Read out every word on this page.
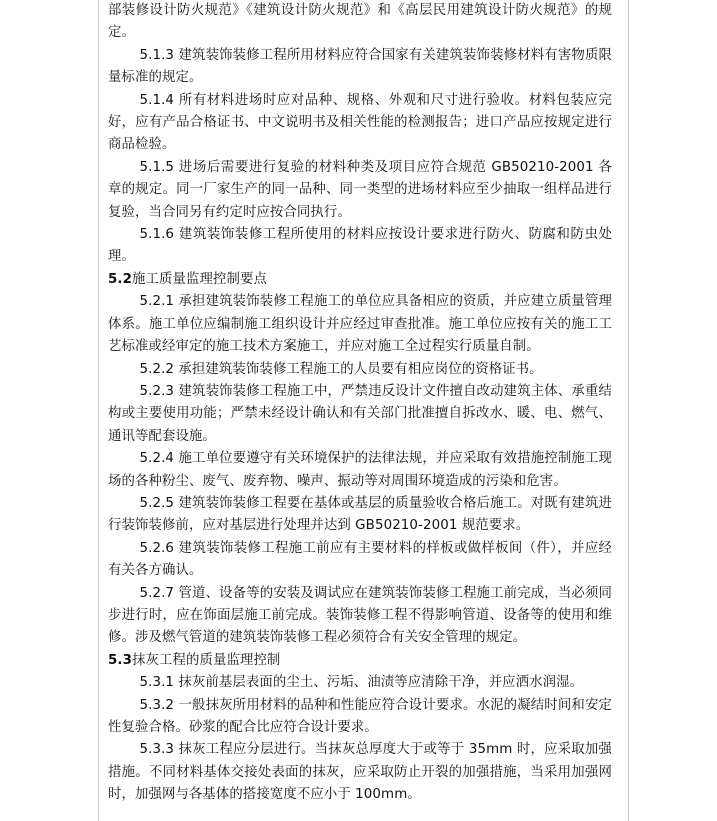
部装修设计防火规范》《建筑设计防火规范》和《高层民用建筑设计防火规范》的规定。

5.1.3 建筑装饰装修工程所用材料应符合国家有关建筑装饰装修材料有害物质限量标准的规定。

5.1.4 所有材料进场时应对品种、规格、外观和尺寸进行验收。材料包装应完好，应有产品合格证书、中文说明书及相关性能的检测报告；进口产品应按规定进行商品检验。

5.1.5 进场后需要进行复验的材料种类及项目应符合规范 GB50210-2001 各章的规定。同一厂家生产的同一品种、同一类型的进场材料应至少抽取一组样品进行复验，当合同另有约定时应按合同执行。

5.1.6 建筑装饰装修工程所使用的材料应按设计要求进行防火、防腐和防虫处理。

5.2施工质量监理控制要点

5.2.1 承担建筑装饰装修工程施工的单位应具备相应的资质，并应建立质量管理体系。施工单位应编制施工组织设计并应经过审查批准。施工单位应按有关的施工工艺标准或经审定的施工技术方案施工，并应对施工全过程实行质量自制。

5.2.2 承担建筑装饰装修工程施工的人员要有相应岗位的资格证书。

5.2.3 建筑装饰装修工程施工中，严禁违反设计文件擅自改动建筑主体、承重结构或主要使用功能；严禁未经设计确认和有关部门批准擅自拆改水、暖、电、燃气、通讯等配套设施。

5.2.4 施工单位要遵守有关环境保护的法律法规，并应采取有效措施控制施工现场的各种粉尘、废气、废弃物、噪声、振动等对周围环境造成的污染和危害。

5.2.5 建筑装饰装修工程要在基体或基层的质量验收合格后施工。对既有建筑进行装饰装修前，应对基层进行处理并达到 GB50210-2001 规范要求。

5.2.6 建筑装饰装修工程施工前应有主要材料的样板或做样板间（件），并应经有关各方确认。

5.2.7 管道、设备等的安装及调试应在建筑装饰装修工程施工前完成，当必须同步进行时，应在饰面层施工前完成。装饰装修工程不得影响管道、设备等的使用和维修。涉及燃气管道的建筑装饰装修工程必须符合有关安全管理的规定。

5.3抹灰工程的质量监理控制

5.3.1 抹灰前基层表面的尘土、污垢、油渍等应清除干净，并应洒水润湿。

5.3.2 一般抹灰所用材料的品种和性能应符合设计要求。水泥的凝结时间和安定性复验合格。砂浆的配合比应符合设计要求。

5.3.3 抹灰工程应分层进行。当抹灰总厚度大于或等于 35mm 时，应采取加强措施。不同材料基体交接处表面的抹灰，应采取防止开裂的加强措施，当采用加强网时，加强网与各基体的搭接宽度不应小于 100mm。
